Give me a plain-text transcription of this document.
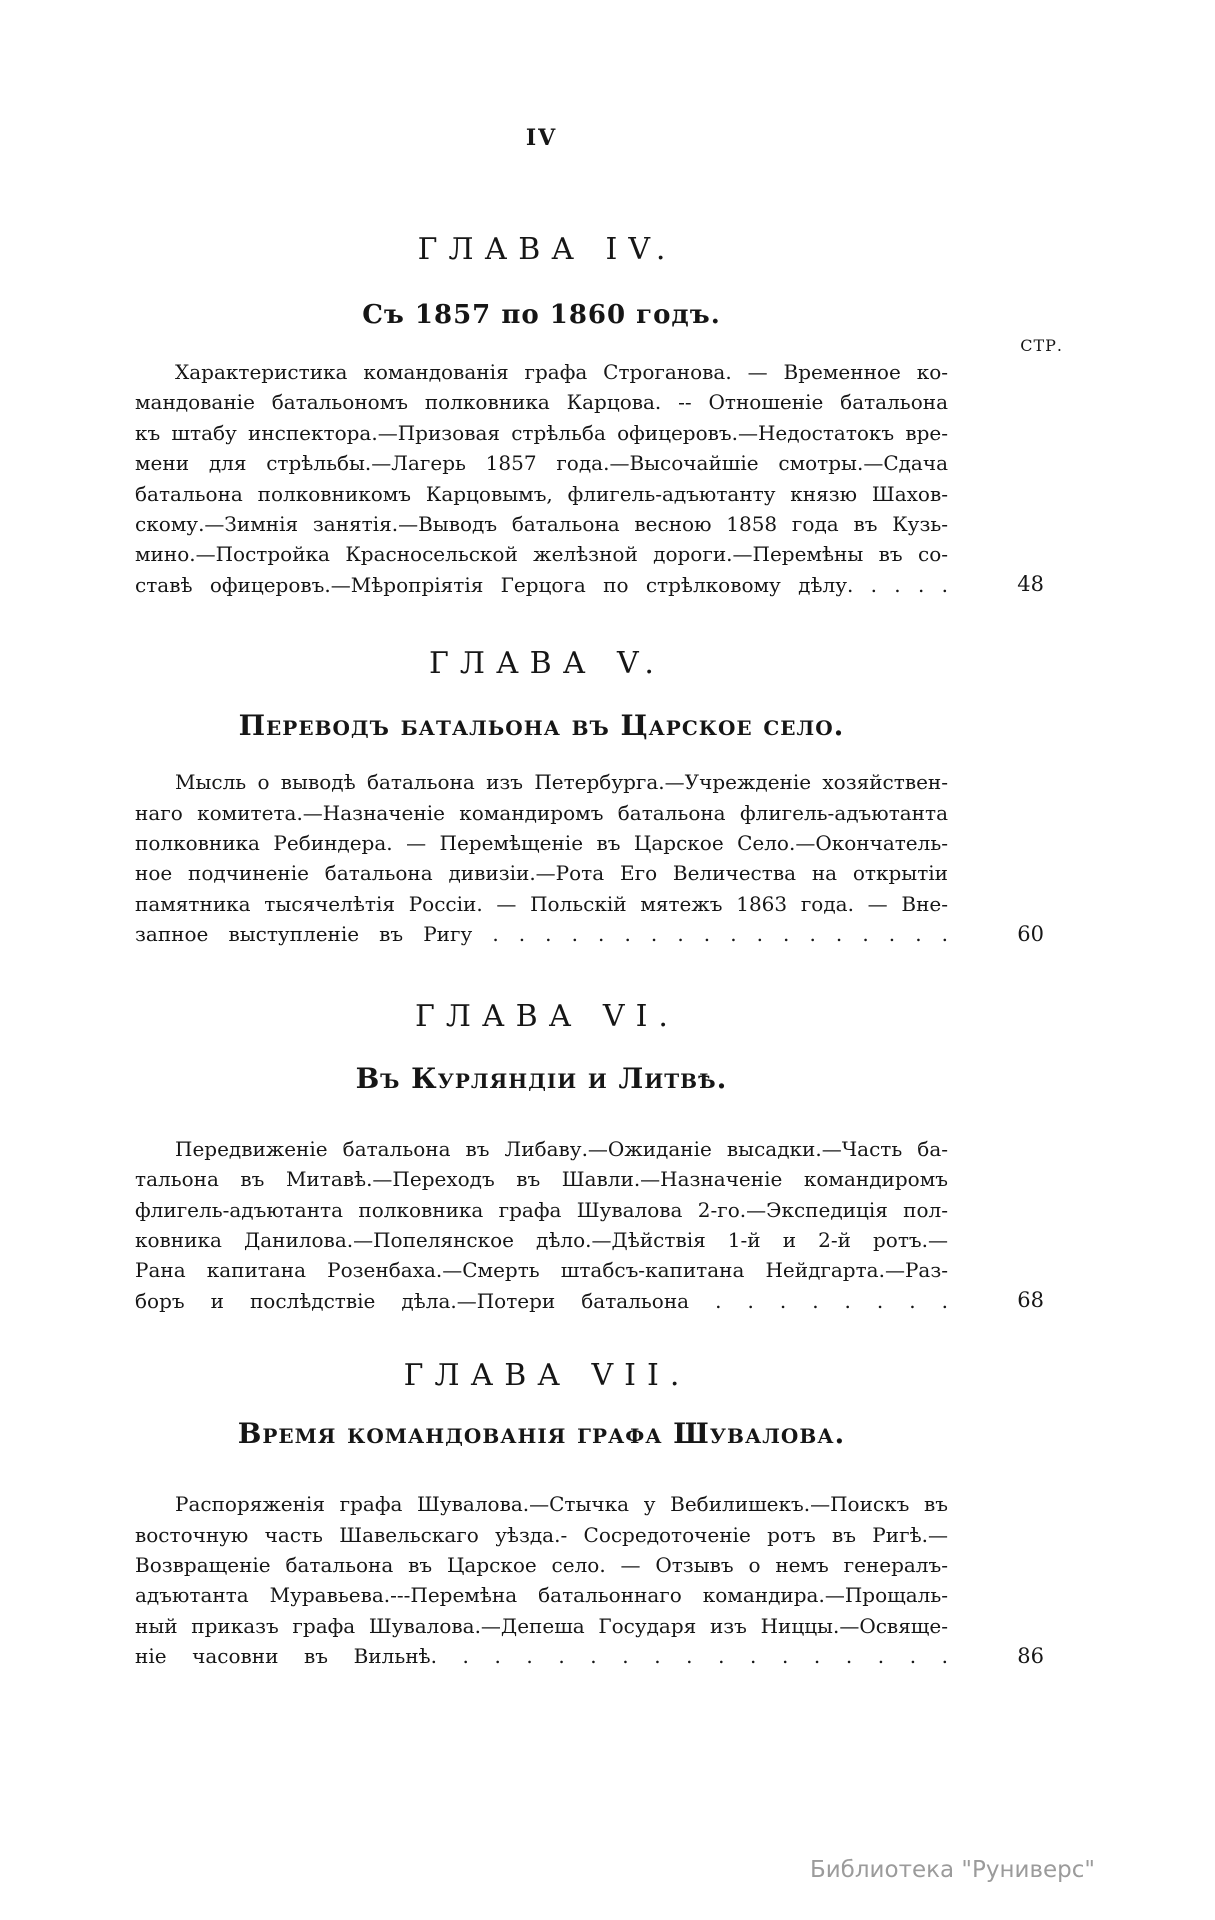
IV
ГЛАВА IV.
Съ 1857 по 1860 годъ.
СТР.
Характеристика командованія графа Строганова. — Временное ко-
мандованіе батальономъ полковника Карцова. -- Отношеніе батальона
къ штабу инспектора.—Призовая стрѣльба офицеровъ.—Недостатокъ вре-
мени для стрѣльбы.—Лагерь 1857 года.—Высочайшіе смотры.—Сдача
батальона полковникомъ Карцовымъ, флигель-адъютанту князю Шахов-
скому.—Зимнія занятія.—Выводъ батальона весною 1858 года въ Кузь-
мино.—Постройка Красносельской желѣзной дороги.—Перемѣны въ со-
ставѣ офицеровъ.—Мѣропріятія Герцога по стрѣлковому дѣлу. . . . .	48
ГЛАВА V.
Переводъ батальона въ Царское село.
Мысль о выводѣ батальона изъ Петербурга.—Учрежденіе хозяйствен-
наго комитета.—Назначеніе командиромъ батальона флигель-адъютанта
полковника Ребиндера. — Перемѣщеніе въ Царское Село.—Окончатель-
ное подчиненіе батальона дивизіи.—Рота Его Величества на открытіи
памятника тысячелѣтія Россіи. — Польскій мятежъ 1863 года. — Вне-
запное выступленіе въ Ригу . . . . . . . . . . . . . . . . . .	60
ГЛАВА VI.
Въ Курляндіи и Литвѣ.
Передвиженіе батальона въ Либаву.—Ожиданіе высадки.—Часть ба-
тальона въ Митавѣ.—Переходъ въ Шавли.—Назначеніе командиромъ
флигель-адъютанта полковника графа Шувалова 2-го.—Экспедиція пол-
ковника Данилова.—Попелянское дѣло.—Дѣйствія 1-й и 2-й ротъ.—
Рана капитана Розенбаха.—Смерть штабсъ-капитана Нейдгарта.—Раз-
боръ и послѣдствіе дѣла.—Потери батальона . . . . . . . .	68
ГЛАВА VII.
Время командованія графа Шувалова.
Распоряженія графа Шувалова.—Стычка у Вебилишекъ.—Поискъ въ
восточную часть Шавельскаго уѣзда.- Сосредоточеніе ротъ въ Ригѣ.—
Возвращеніе батальона въ Царское село. — Отзывъ о немъ генералъ-
адъютанта Муравьева.---Перемѣна батальоннаго командира.—Прощаль-
ный приказъ графа Шувалова.—Депеша Государя изъ Ниццы.—Освяще-
ніе часовни въ Вильнѣ. . . . . . . . . . . . . . . . .	86
Библиотека "Руниверс"
